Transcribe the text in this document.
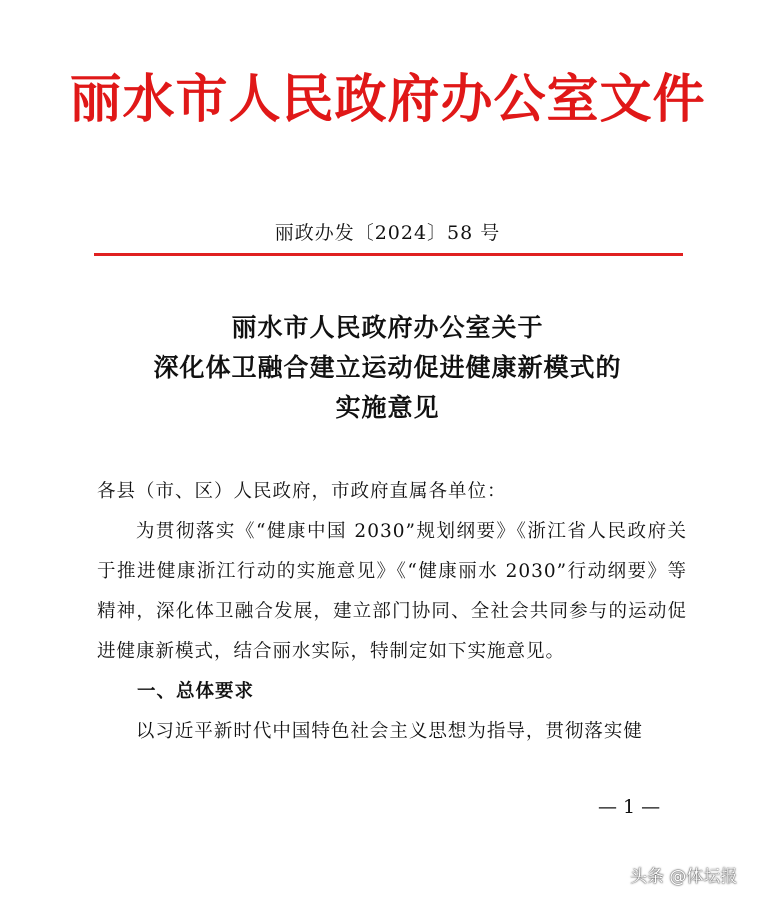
丽水市人民政府办公室文件
丽政办发〔2024〕58 号
丽水市人民政府办公室关于
深化体卫融合建立运动促进健康新模式的
实施意见
各县（市、区）人民政府，市政府直属各单位：
为贯彻落实《“健康中国 2030”规划纲要》《浙江省人民政府关于推进健康浙江行动的实施意见》《“健康丽水 2030”行动纲要》等精神，深化体卫融合发展，建立部门协同、全社会共同参与的运动促进健康新模式，结合丽水实际，特制定如下实施意见。
一、总体要求
以习近平新时代中国特色社会主义思想为指导，贯彻落实健
— 1 —
头条 @体坛报
